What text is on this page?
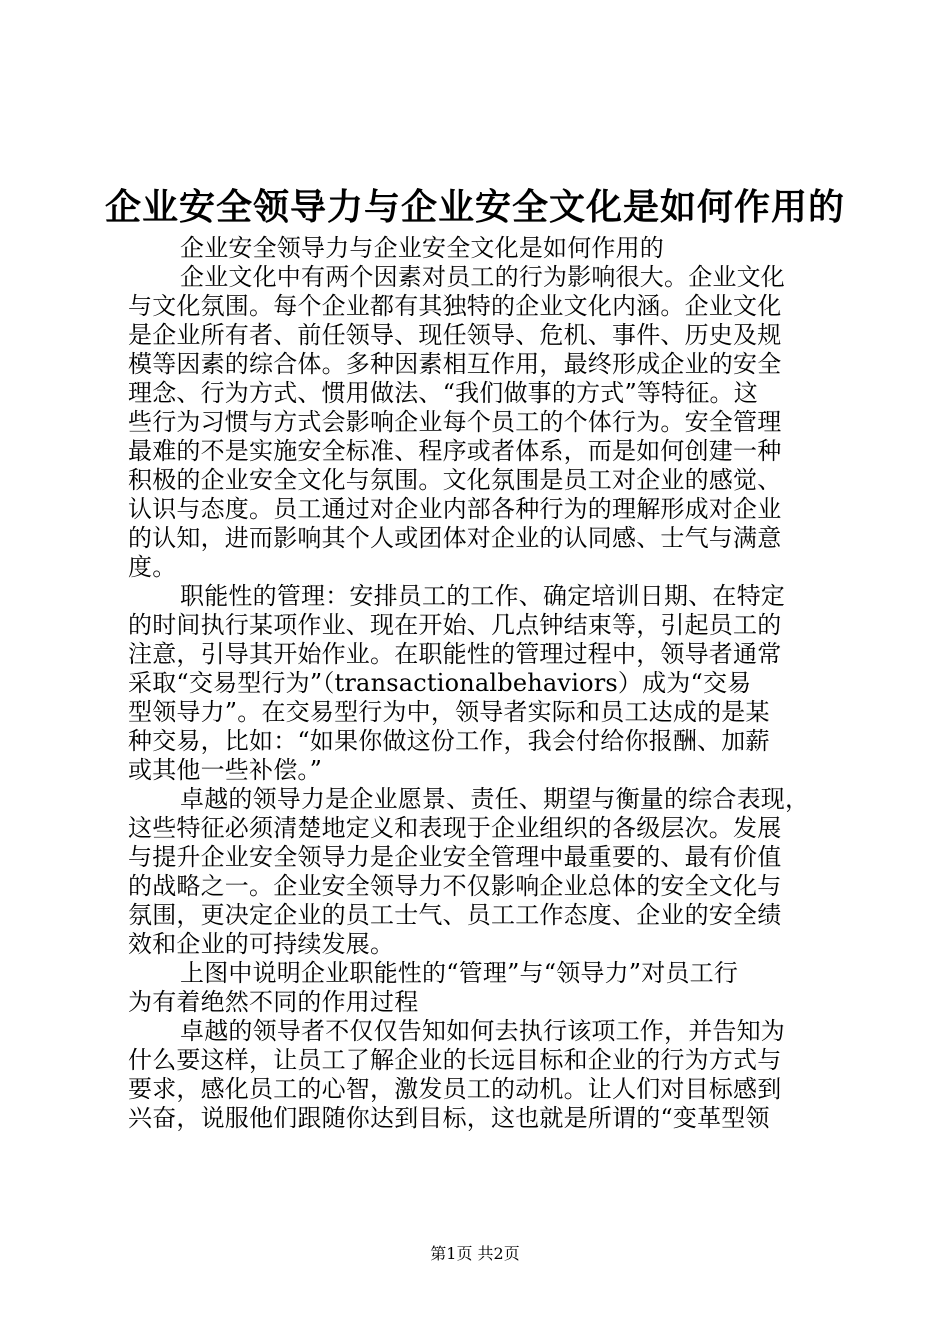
企业安全领导力与企业安全文化是如何作用的
企业安全领导力与企业安全文化是如何作用的
企业文化中有两个因素对员工的行为影响很大。企业文化
与文化氛围。每个企业都有其独特的企业文化内涵。企业文化
是企业所有者、前任领导、现任领导、危机、事件、历史及规
模等因素的综合体。多种因素相互作用，最终形成企业的安全
理念、行为方式、惯用做法、“我们做事的方式”等特征。这
些行为习惯与方式会影响企业每个员工的个体行为。安全管理
最难的不是实施安全标准、程序或者体系，而是如何创建一种
积极的企业安全文化与氛围。文化氛围是员工对企业的感觉、
认识与态度。员工通过对企业内部各种行为的理解形成对企业
的认知，进而影响其个人或团体对企业的认同感、士气与满意
度。
职能性的管理：安排员工的工作、确定培训日期、在特定
的时间执行某项作业、现在开始、几点钟结束等，引起员工的
注意，引导其开始作业。在职能性的管理过程中，领导者通常
采取“交易型行为”（transactionalbehaviors）成为“交易
型领导力”。在交易型行为中，领导者实际和员工达成的是某
种交易，比如：“如果你做这份工作，我会付给你报酬、加薪
或其他一些补偿。”
卓越的领导力是企业愿景、责任、期望与衡量的综合表现，
这些特征必须清楚地定义和表现于企业组织的各级层次。发展
与提升企业安全领导力是企业安全管理中最重要的、最有价值
的战略之一。企业安全领导力不仅影响企业总体的安全文化与
氛围，更决定企业的员工士气、员工工作态度、企业的安全绩
效和企业的可持续发展。
上图中说明企业职能性的“管理”与“领导力”对员工行
为有着绝然不同的作用过程
卓越的领导者不仅仅告知如何去执行该项工作，并告知为
什么要这样，让员工了解企业的长远目标和企业的行为方式与
要求，感化员工的心智，激发员工的动机。让人们对目标感到
兴奋，说服他们跟随你达到目标，这也就是所谓的“变革型领
第1页 共2页
